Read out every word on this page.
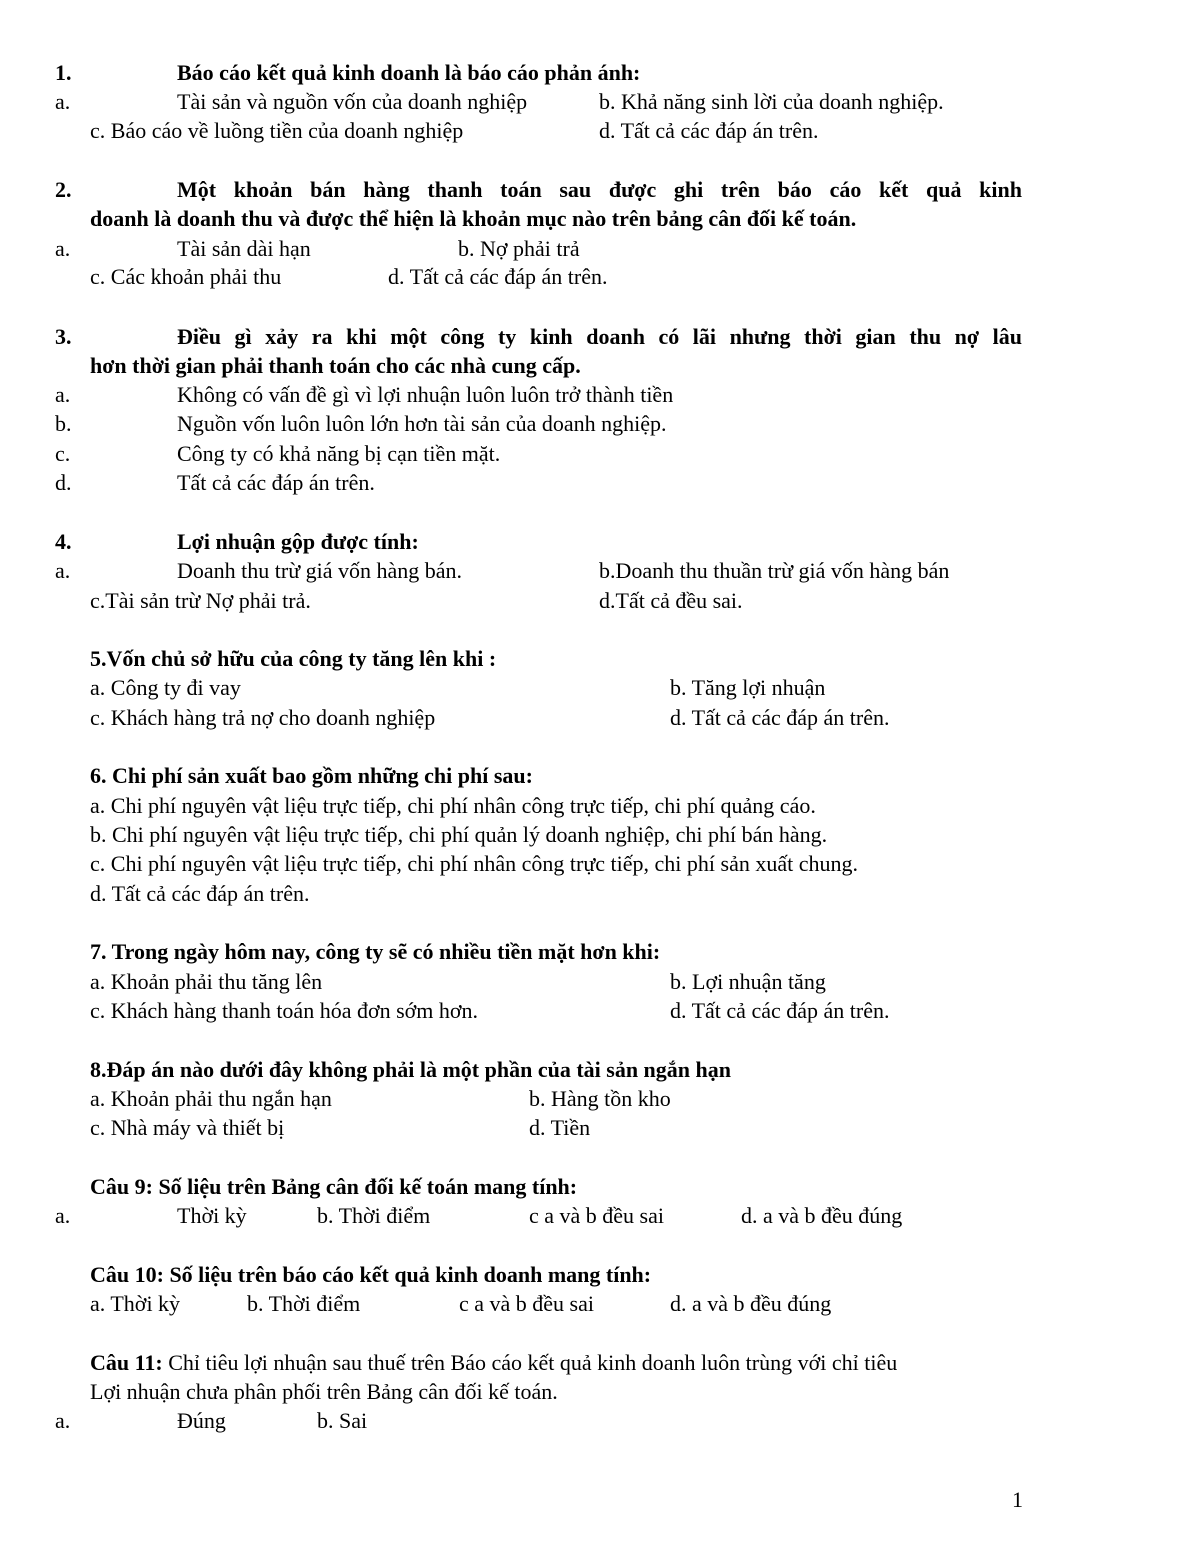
1.	Báo cáo kết quả kinh doanh là báo cáo phản ánh:
a.	Tài sản và nguồn vốn của doanh nghiệp	b. Khả năng sinh lời của doanh nghiệp.
c. Báo cáo về luồng tiền của doanh nghiệp	d. Tất cả các đáp án trên.
2.	Một khoản bán hàng thanh toán sau được ghi trên báo cáo kết quả kinh
doanh là doanh thu và được thể hiện là khoản mục nào trên bảng cân đối kế toán.
a.	Tài sản dài hạn	b. Nợ phải trả
c. Các khoản phải thu	d. Tất cả các đáp án trên.
3.	Điều gì xảy ra khi một công ty kinh doanh có lãi nhưng thời gian thu nợ lâu
hơn thời gian phải thanh toán cho các nhà cung cấp.
a.	Không có vấn đề gì vì lợi nhuận luôn luôn trở thành tiền
b.	Nguồn vốn luôn luôn lớn hơn tài sản của doanh nghiệp.
c.	Công ty có khả năng bị cạn tiền mặt.
d.	Tất cả các đáp án trên.
4.	Lợi nhuận gộp được tính:
a.	Doanh thu trừ giá vốn hàng bán.	b.Doanh thu thuần trừ giá vốn hàng bán
c.Tài sản trừ Nợ phải trả.	d.Tất cả đều sai.
5.Vốn chủ sở hữu của công ty tăng lên khi :
a. Công ty đi vay	b. Tăng lợi nhuận
c. Khách hàng trả nợ cho doanh nghiệp	d. Tất cả các đáp án trên.
6. Chi phí sản xuất bao gồm những chi phí sau:
a. Chi phí nguyên vật liệu trực tiếp, chi phí nhân công trực tiếp, chi phí quảng cáo.
b. Chi phí nguyên vật liệu trực tiếp, chi phí quản lý doanh nghiệp, chi phí bán hàng.
c. Chi phí nguyên vật liệu trực tiếp, chi phí nhân công trực tiếp, chi phí sản xuất chung.
d. Tất cả các đáp án trên.
7. Trong ngày hôm nay, công ty sẽ có nhiều tiền mặt hơn khi:
a. Khoản phải thu tăng lên	b. Lợi nhuận tăng
c. Khách hàng thanh toán hóa đơn sớm hơn.	d. Tất cả các đáp án trên.
8.Đáp án nào dưới đây không phải là một phần của tài sản ngắn hạn
a. Khoản phải thu ngắn hạn	b. Hàng tồn kho
c. Nhà máy và thiết bị	d. Tiền
Câu 9: Số liệu trên Bảng cân đối kế toán mang tính:
a.	Thời kỳ	b. Thời điểm	c a và b đều sai	d. a và b đều đúng
Câu 10: Số liệu trên báo cáo kết quả kinh doanh mang tính:
a. Thời kỳ	b. Thời điểm	c a và b đều sai	d. a và b đều đúng
Câu 11: Chỉ tiêu lợi nhuận sau thuế trên Báo cáo kết quả kinh doanh luôn trùng với chỉ tiêu
Lợi nhuận chưa phân phối trên Bảng cân đối kế toán.
a.	Đúng	b. Sai
1
